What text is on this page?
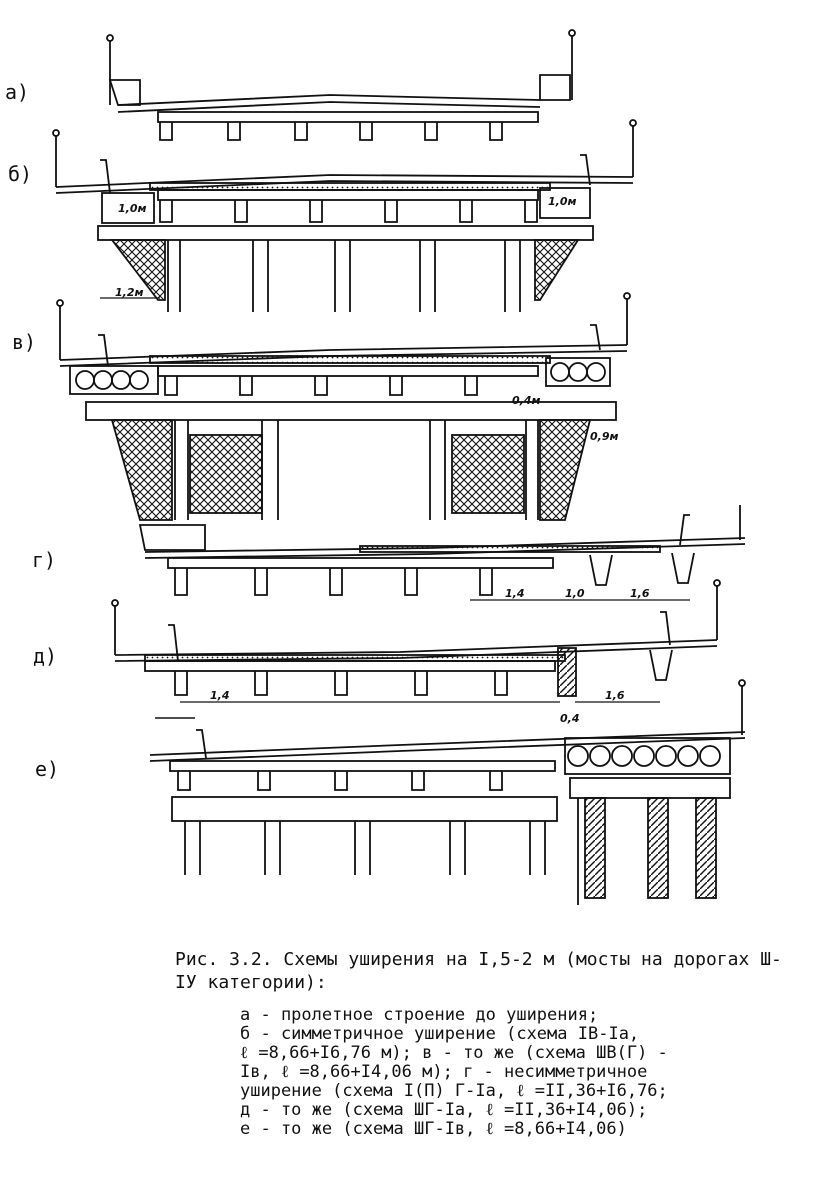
1,0м
1,0м
1,2м
0,4м
0,9м
1,4	1,0	1,6
1,4	1,6
0,4
а)
б)
в)
г)
д)
е)
Рис. 3.2. Схемы уширения на I,5-2 м (мосты на дорогах Ш-IУ категории):
а - пролетное строение до уширения;
б - симметричное уширение (схема IВ-Iа,
ℓ =8,66+I6,76 м); в - то же (схема ШВ(Г) -
Iв, ℓ =8,66+I4,06 м); г - несимметричное
уширение (схема I(П) Г-Iа, ℓ =II,36+I6,76;
д - то же (схема ШГ-Iа, ℓ =II,36+I4,06);
е - то же (схема ШГ-Iв, ℓ =8,66+I4,06)
